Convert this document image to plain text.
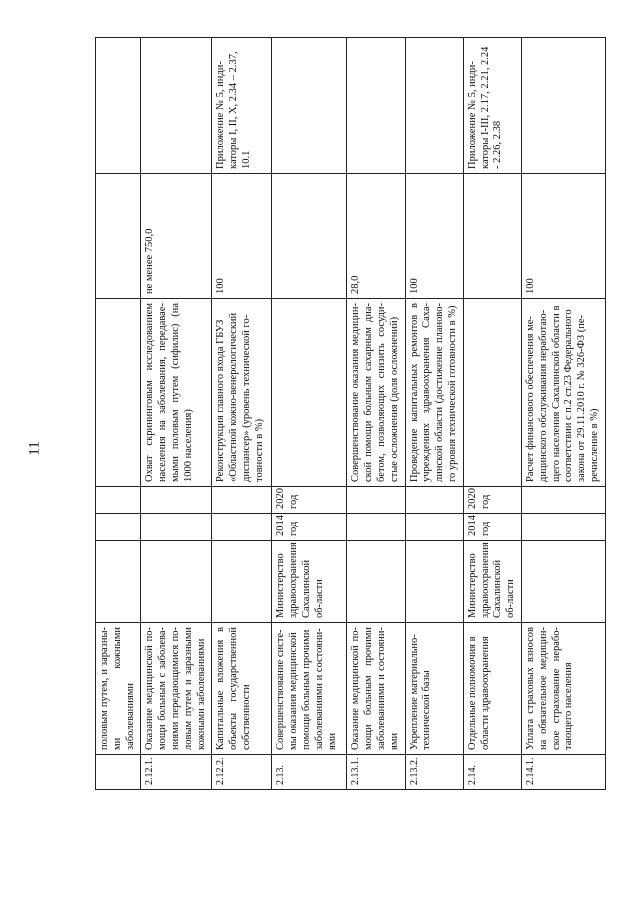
11
	половым путем, и заразны-ми кожными заболеваниями						
2.12.1.	Оказание медицинской по-мощи больным с заболева-ниями передающимися по-ловым путем и заразными кожными заболеваниями				Охват скрининговым исследованием населения на заболевания, передавае-мыми половым путем (сифилис) (на 1000 населения)	не менее 750,0	
2.12.2.	Капитальные вложения в объекты государственной собственности				Реконструкция главного входа ГБУЗ «Областной кожно-венерологический диспансер» (уровень технической го-товности в %)	100	Приложение № 5, инди-каторы I, II, X, 2.34 – 2.37, 10.1
2.13.	Совершенствование систе-мы оказания медицинской помощи больным прочими заболеваниями и состояни-ями	Министерство здравоохранения Сахалинской об-ласти	2014 год	2020 год			
2.13.1.	Оказание медицинской по-мощи больным прочими заболеваниями и состояни-ями				Совершенствование оказания медицин-ской помощи больным сахарным диа-бетом, позволяющих снизить сосуди-стые осложнения (доля осложнений)	28,0	
2.13.2.	Укрепление материально-технической базы				Проведение капитальных ремонтов в учреждениях здравоохранения Саха-линской области (достижение планово-го уровня технической готовности в %)	100	
2.14.	Отдельные полномочия в области здравоохранения	Министерство здравоохранения Сахалинской об-ласти	2014 год	2020 год			Приложение № 5, инди-каторы I-III, 2.17, 2.21, 2.24 - 2.26, 2.38
2.14.1.	Уплата страховых взносов на обязательное медицин-ское страхование нерабо-тающего населения				Расчет финансового обеспечения ме-дицинского обслуживания неработаю-щего населения Сахалинской области в соответствии с п.2 ст.23 Федерального закона от 29.11.2010 г. № 326-ФЗ (пе-речисление в %)	100	
